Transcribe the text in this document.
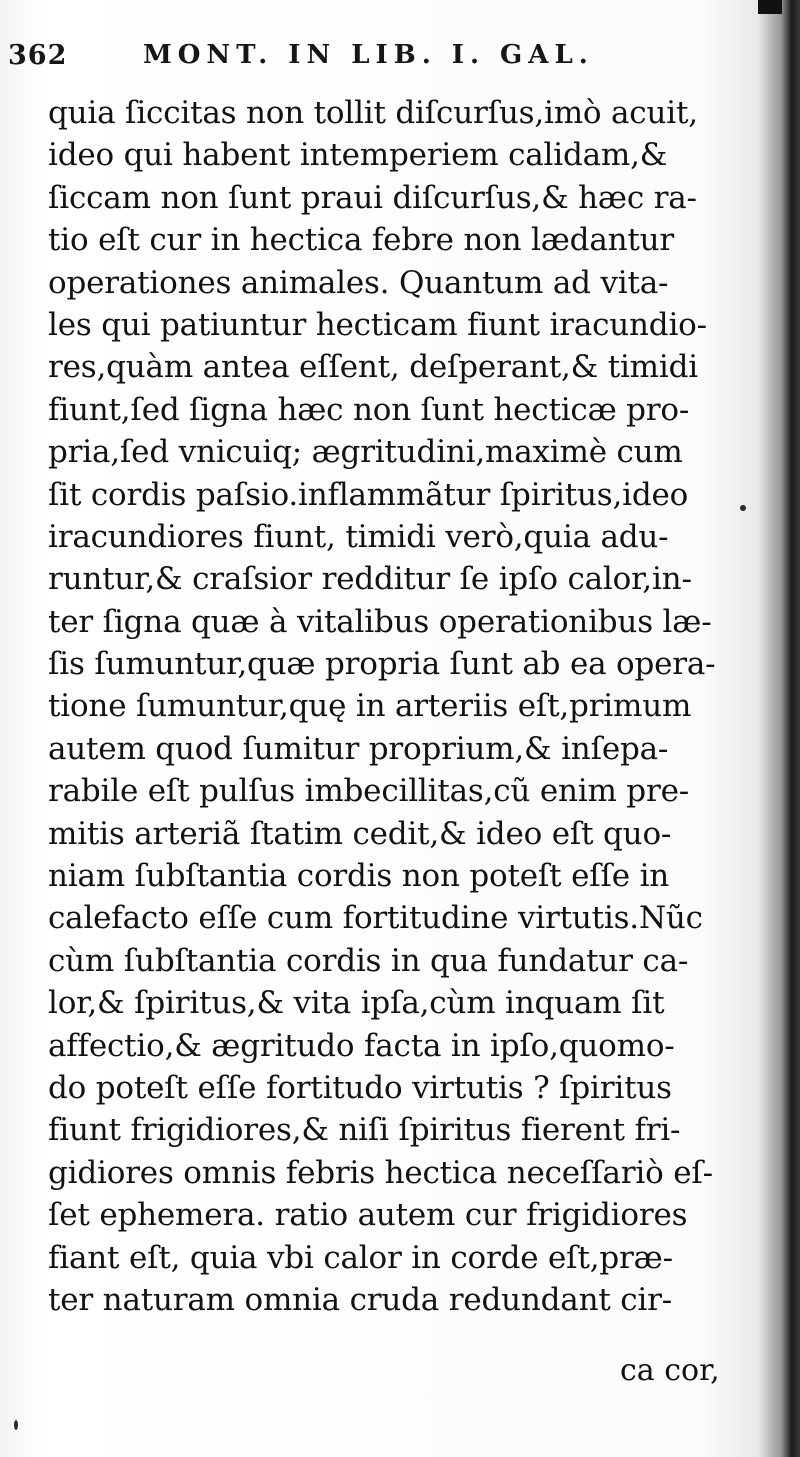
362	MONT. IN LIB. I. GAL.
quia ſiccitas non tollit diſcurſus,imò acuit,
ideo qui habent intemperiem calidam,&
ſiccam non ſunt praui diſcurſus,& hæc ra-
tio eſt cur in hectica febre non lædantur
operationes animales. Quantum ad vita-
les qui patiuntur hecticam fiunt iracundio-
res,quàm antea eſſent, deſperant,& timidi
fiunt,ſed ſigna hæc non ſunt hecticæ pro-
pria,ſed vnicuiq; ægritudini,maximè cum
ſit cordis paſsio.inflammãtur ſpiritus,ideo
iracundiores fiunt, timidi verò,quia adu-
runtur,& craſsior redditur ſe ipſo calor,in-
ter ſigna quæ à vitalibus operationibus læ-
ſis ſumuntur,quæ propria ſunt ab ea opera-
tione ſumuntur,quę in arteriis eſt,primum
autem quod ſumitur proprium,& inſepa-
rabile eſt pulſus imbecillitas,cũ enim pre-
mitis arteriã ſtatim cedit,& ideo eſt quo-
niam ſubſtantia cordis non poteſt eſſe in
calefacto eſſe cum fortitudine virtutis.Nũc
cùm ſubſtantia cordis in qua fundatur ca-
lor,& ſpiritus,& vita ipſa,cùm inquam ſit
affectio,& ægritudo facta in ipſo,quomo-
do poteſt eſſe fortitudo virtutis ? ſpiritus
fiunt frigidiores,& niſi ſpiritus fierent fri-
gidiores omnis febris hectica neceſſariò eſ-
ſet ephemera. ratio autem cur frigidiores
fiant eſt, quia vbi calor in corde eſt,præ-
ter naturam omnia cruda redundant cir-
ca cor,
